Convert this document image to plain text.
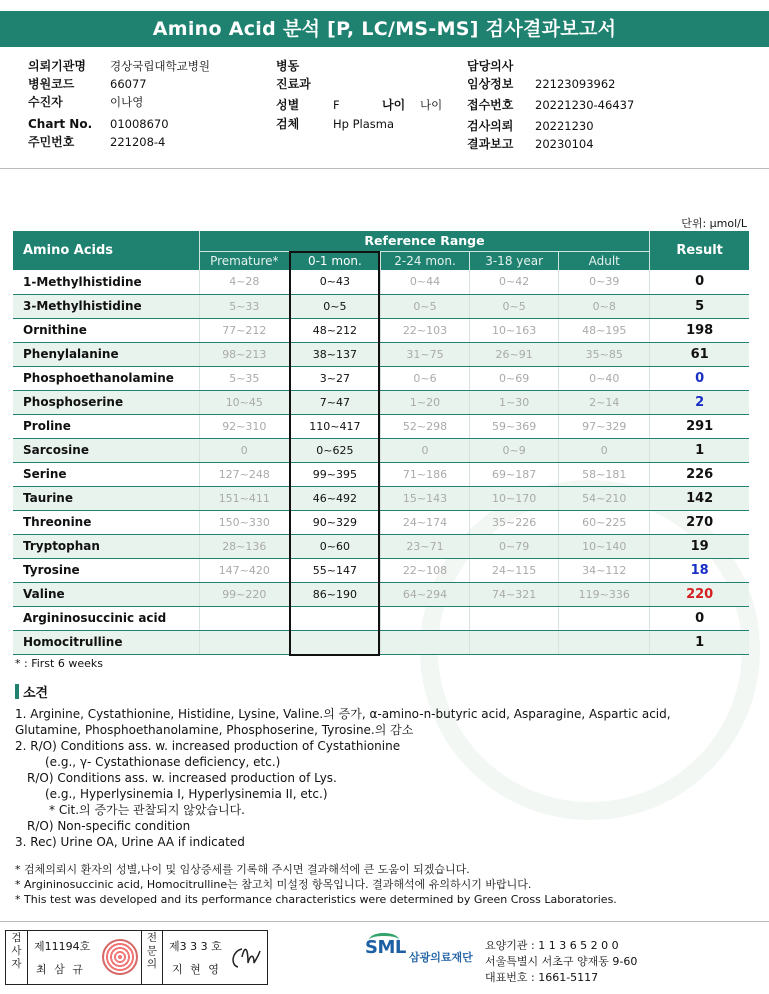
Amino Acid 분석 [P, LC/MS-MS] 검사결과보고서
의뢰기관명 경상국립대학교병원
병원코드	66077
수진자	이나영
Chart No. 01008670
주민번호	221208-4
병동
진료과
성별	F	나이 나이
검체	Hp Plasma
담당의사
임상정보 22123093962
접수번호 20221230-46437
검사의뢰 20221230
결과보고 20230104
단위: μmol/L
Amino Acids	Reference Range					Result
	Premature*	0-1 mon.	2-24 mon.	3-18 year	Adult	
1-Methylhistidine	4~28	0~43	0~44	0~42	0~39	0
3-Methylhistidine	5~33	0~5	0~5	0~5	0~8	5
Ornithine	77~212	48~212	22~103	10~163	48~195	198
Phenylalanine	98~213	38~137	31~75	26~91	35~85	61
Phosphoethanolamine	5~35	3~27	0~6	0~69	0~40	0
Phosphoserine	10~45	7~47	1~20	1~30	2~14	2
Proline	92~310	110~417	52~298	59~369	97~329	291
Sarcosine	0	0~625	0	0~9	0	1
Serine	127~248	99~395	71~186	69~187	58~181	226
Taurine	151~411	46~492	15~143	10~170	54~210	142
Threonine	150~330	90~329	24~174	35~226	60~225	270
Tryptophan	28~136	0~60	23~71	0~79	10~140	19
Tyrosine	147~420	55~147	22~108	24~115	34~112	18
Valine	99~220	86~190	64~294	74~321	119~336	220
Argininosuccinic acid						0
Homocitrulline						1
* : First 6 weeks
소견
1. Arginine, Cystathionine, Histidine, Lysine, Valine.의 증가, α-amino-n-butyric acid, Asparagine, Aspartic acid,
Glutamine, Phosphoethanolamine, Phosphoserine, Tyrosine.의 감소
2. R/O) Conditions ass. w. increased production of Cystathionine
(e.g., γ- Cystathionase deficiency, etc.)
R/O) Conditions ass. w. increased production of Lys.
(e.g., Hyperlysinemia I, Hyperlysinemia II, etc.)
* Cit.의 증가는 관찰되지 않았습니다.
R/O) Non-specific condition
3. Rec) Urine OA, Urine AA if indicated
* 검체의뢰시 환자의 성별,나이 및 임상증세를 기록해 주시면 결과해석에 큰 도움이 되겠습니다.
* Argininosuccinic acid, Homocitrulline는 참고치 미설정 항목입니다. 결과해석에 유의하시기 바랍니다.
* This test was developed and its performance characteristics were determined by Green Cross Laboratories.
검
사
자
제11194호
최 삼 규
전
문
의
제3 3 3 호
지 현 영
SML 삼광의료재단
요양기관 : 1 1 3 6 5 2 0 0
서울특별시 서초구 양재동 9-60
대표번호 : 1661-5117
